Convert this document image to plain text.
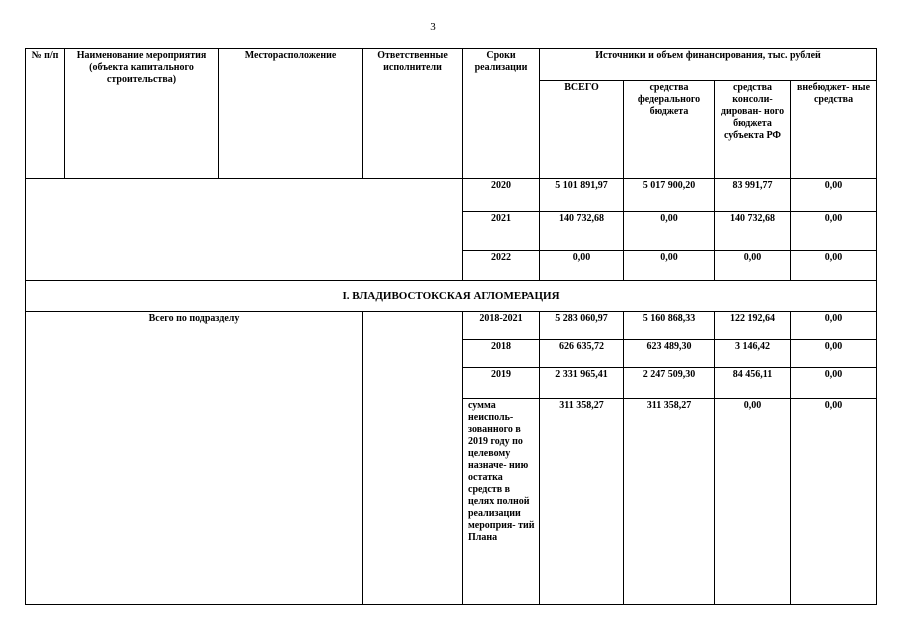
3
№ п/п	Наименование мероприятия (объекта капитального строительства)	Месторасположение	Ответственные исполнители	Сроки реализации	Источники и объем финансирования, тыс. рублей			
					ВСЕГО	средства федерального бюджета	средства консоли- дирован- ного бюджета субъекта РФ	внебюджет- ные средства
				2020	5 101 891,97	5 017 900,20	83 991,77	0,00
				2021	140 732,68	0,00	140 732,68	0,00
				2022	0,00	0,00	0,00	0,00
I. ВЛАДИВОСТОКСКАЯ АГЛОМЕРАЦИЯ								
Всего по подразделу				2018-2021	5 283 060,97	5 160 868,33	122 192,64	0,00
				2018	626 635,72	623 489,30	3 146,42	0,00
				2019	2 331 965,41	2 247 509,30	84 456,11	0,00
				сумма неисполь- зованного в 2019 году по целевому назначе- нию остатка средств в целях полной реализации мероприя- тий Плана	311 358,27	311 358,27	0,00	0,00
